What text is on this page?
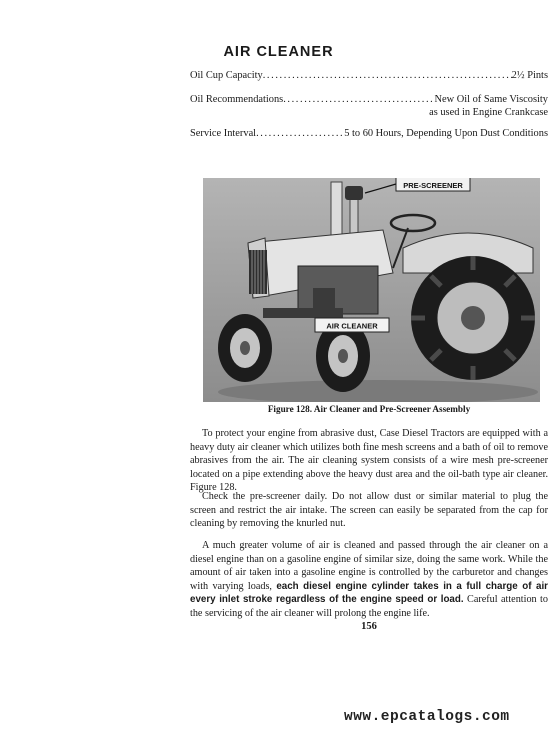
AIR CLEANER
Oil Cup Capacity .....	2½ Pints
Oil Recommendations .....	New Oil of Same Viscosity
as used in Engine Crankcase
Service Interval .....	5 to 60 Hours, Depending Upon Dust Conditions
PRE-SCREENER
AIR CLEANER
Figure 128. Air Cleaner and Pre-Screener Assembly

To protect your engine from abrasive dust, Case Diesel Tractors are equipped with a heavy duty air cleaner which utilizes both fine mesh screens and a bath of oil to remove abrasives from the air. The air cleaning system consists of a wire mesh pre-screener located on a pipe extending above the heavy dust area and the oil-bath type air cleaner. Figure 128.

Check the pre-screener daily. Do not allow dust or similar material to plug the screen and restrict the air intake. The screen can easily be separated from the cap for cleaning by removing the knurled nut.

A much greater volume of air is cleaned and passed through the air cleaner on a diesel engine than on a gasoline engine of similar size, doing the same work. While the amount of air taken into a gasoline engine is controlled by the carburetor and changes with varying loads, each diesel engine cylinder takes in a full charge of air every inlet stroke regardless of the engine speed or load. Careful attention to the servicing of the air cleaner will prolong the engine life.

156
www.epcatalogs.com
